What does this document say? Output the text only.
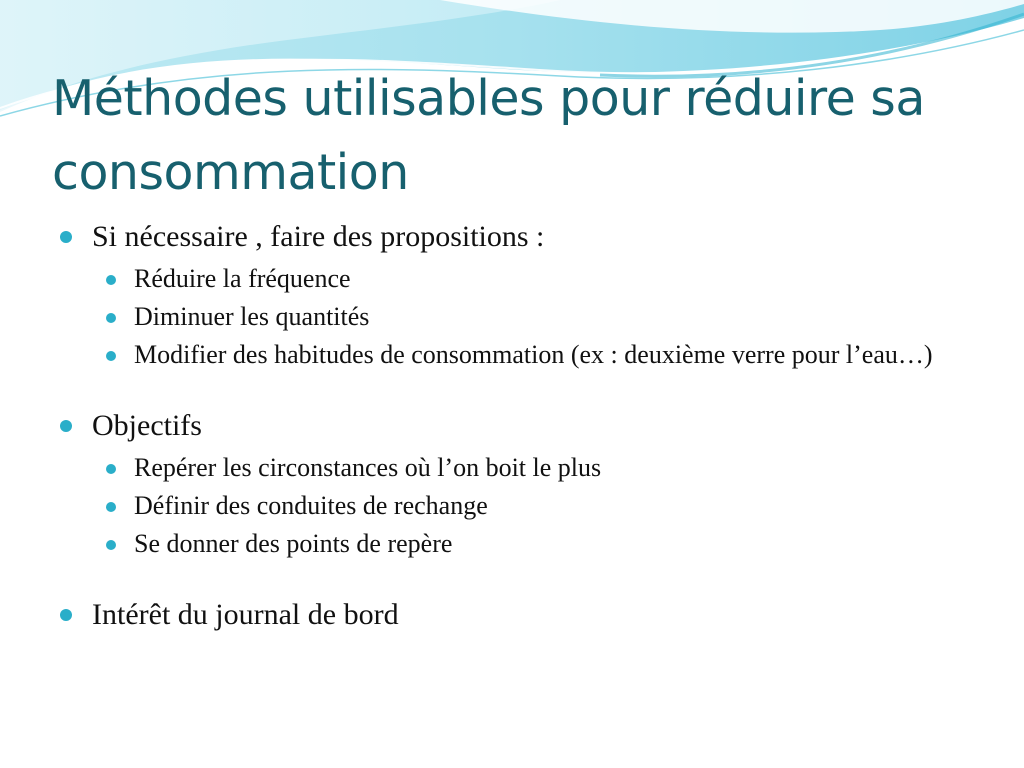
Méthodes utilisables pour réduire sa consommation
Si nécessaire , faire des propositions :
Réduire la fréquence
Diminuer les quantités
Modifier des habitudes de consommation (ex : deuxième verre pour l’eau…)
Objectifs
Repérer les circonstances où l’on boit le plus
Définir des conduites de rechange
Se donner des points de repère
Intérêt du journal de bord
